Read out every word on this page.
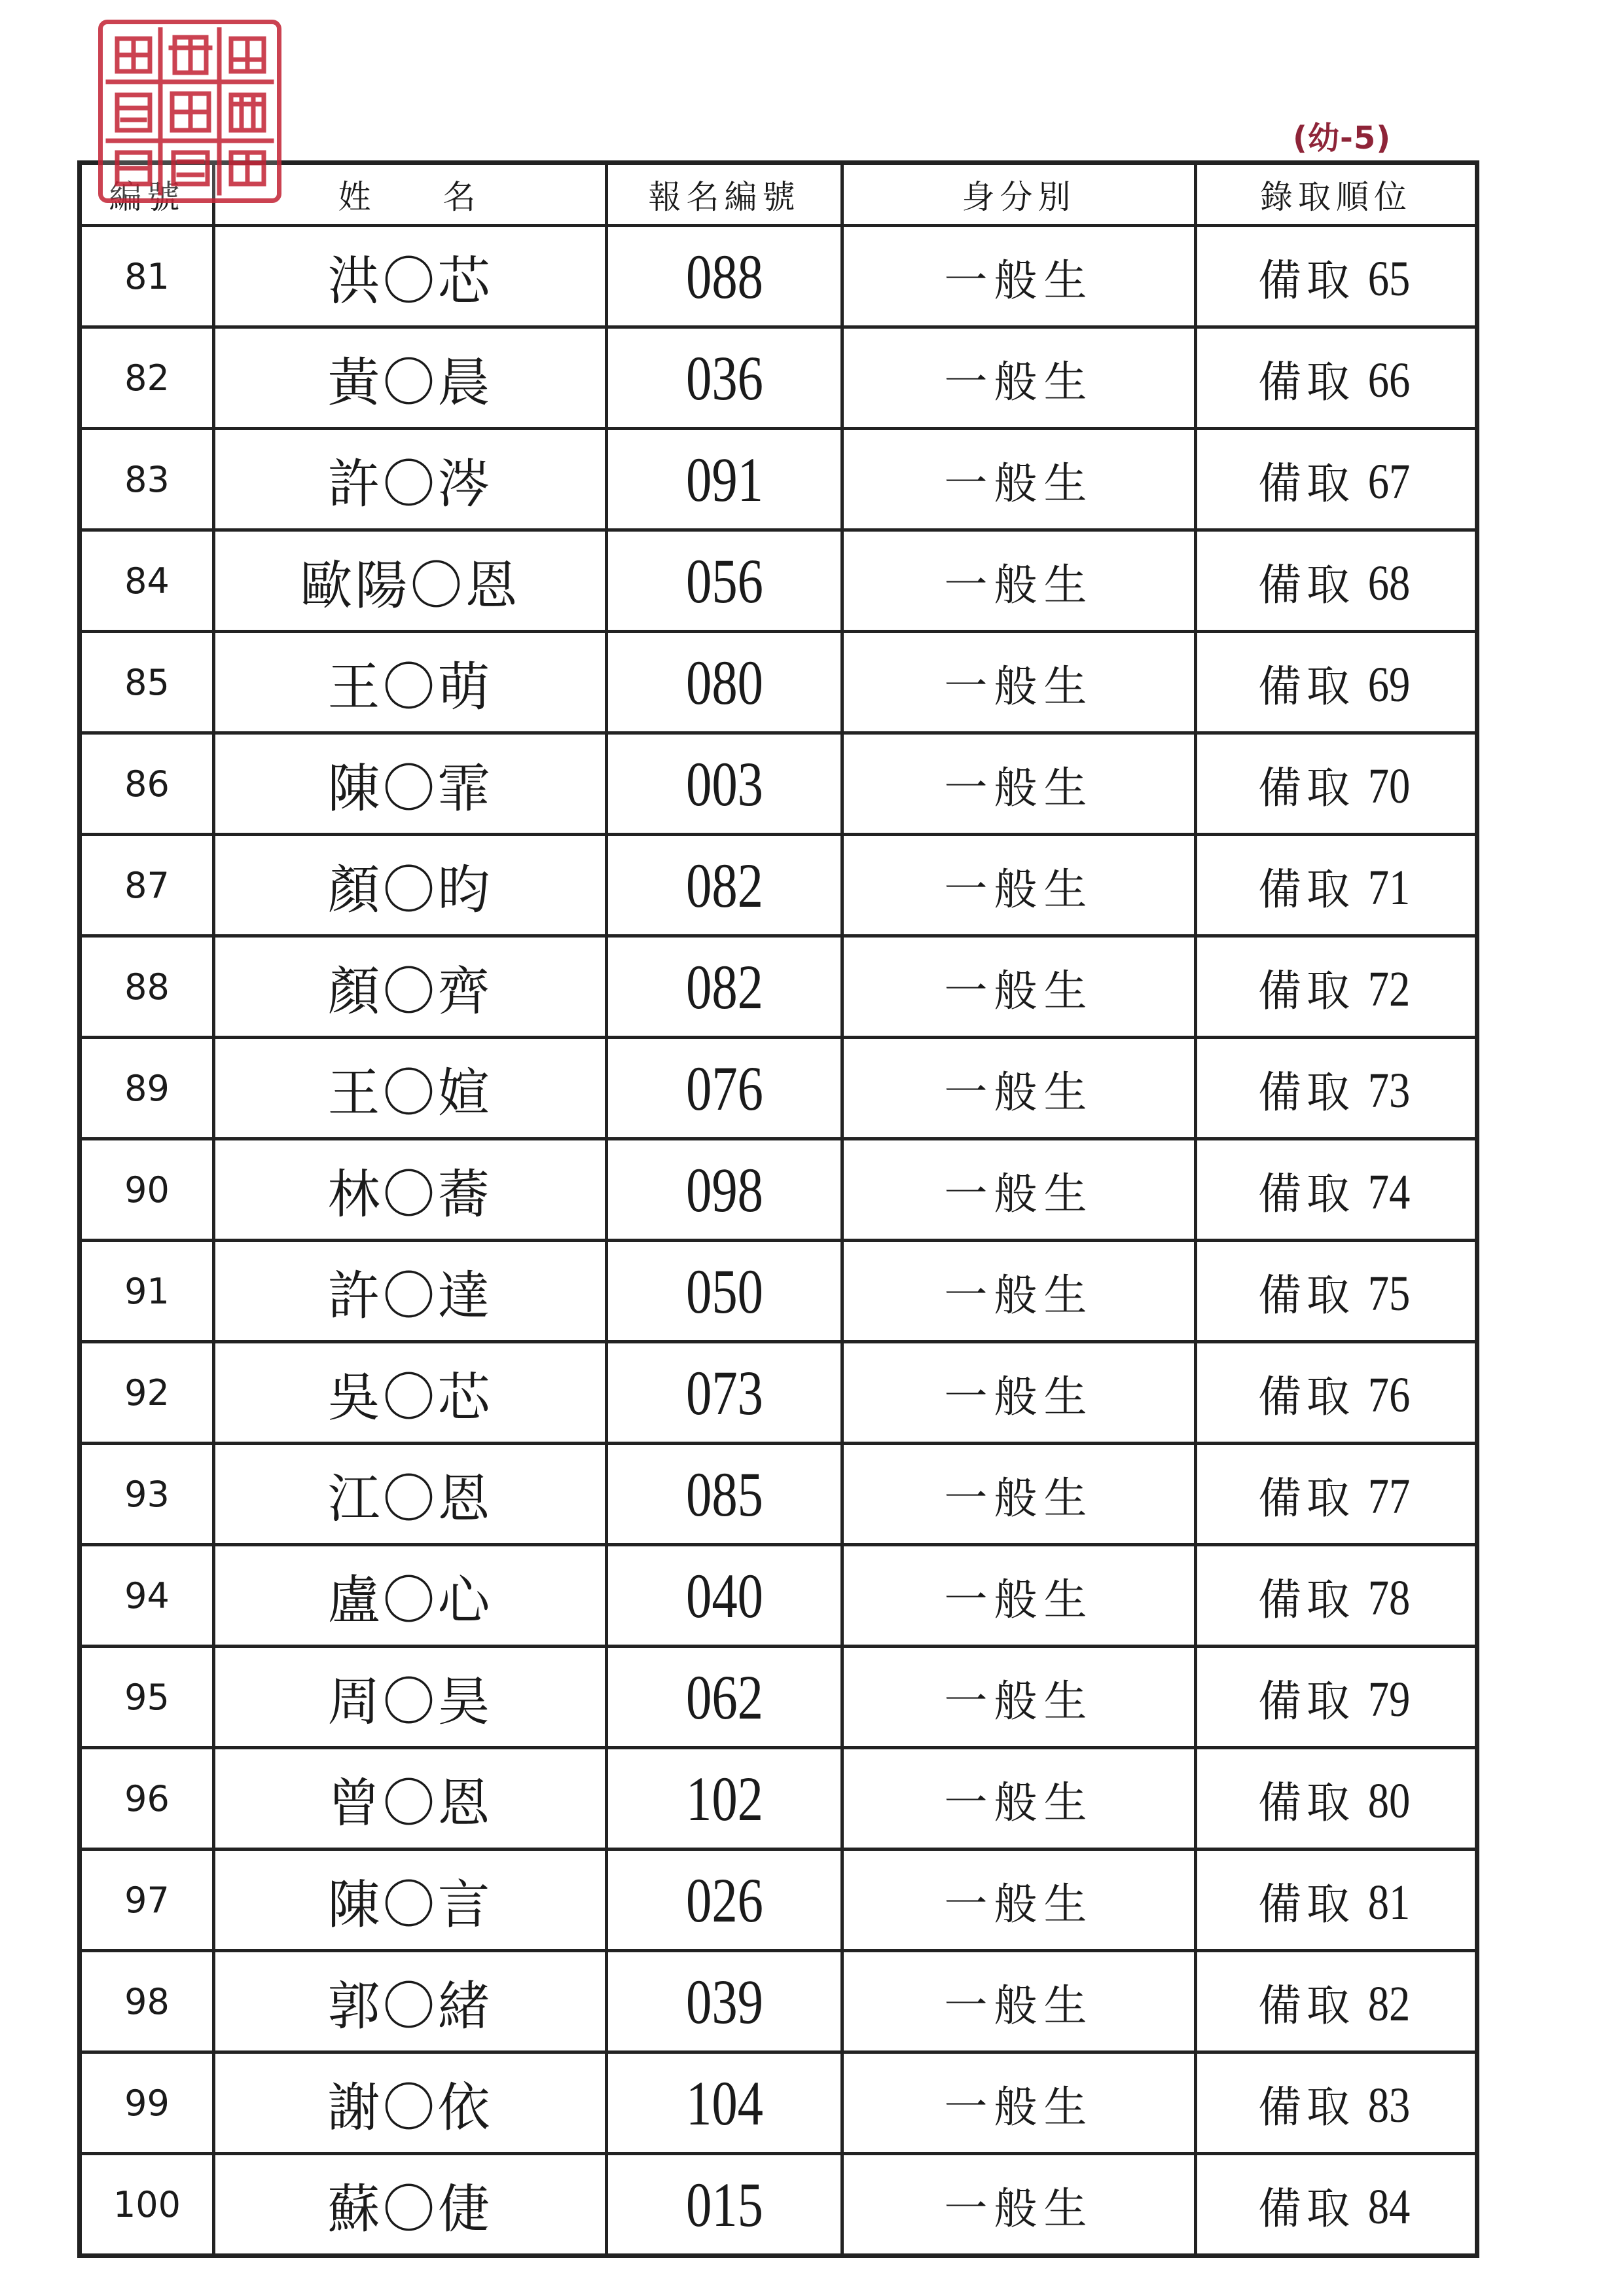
(幼-5)
編號	姓名	報名編號	身分別	錄取順位
81	洪〇芯	088	一般生	備取 65
82	黃〇晨	036	一般生	備取 66
83	許〇涔	091	一般生	備取 67
84	歐陽〇恩	056	一般生	備取 68
85	王〇萌	080	一般生	備取 69
86	陳〇霏	003	一般生	備取 70
87	顏〇昀	082	一般生	備取 71
88	顏〇齊	082	一般生	備取 72
89	王〇媗	076	一般生	備取 73
90	林〇蕎	098	一般生	備取 74
91	許〇達	050	一般生	備取 75
92	吳〇芯	073	一般生	備取 76
93	江〇恩	085	一般生	備取 77
94	盧〇心	040	一般生	備取 78
95	周〇昊	062	一般生	備取 79
96	曾〇恩	102	一般生	備取 80
97	陳〇言	026	一般生	備取 81
98	郭〇緒	039	一般生	備取 82
99	謝〇依	104	一般生	備取 83
100	蘇〇倢	015	一般生	備取 84
